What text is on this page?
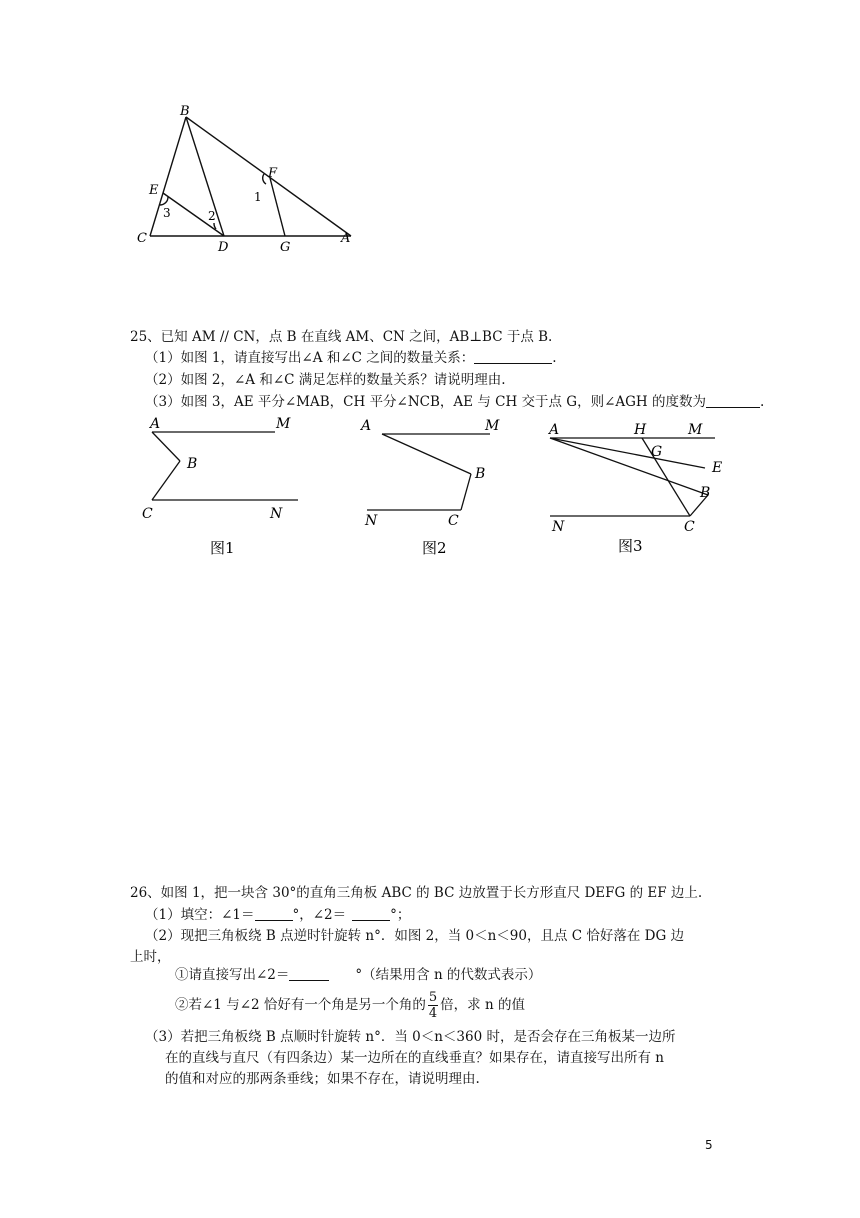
B
E
F
C
D	G
A
1
2
3
25、已知 AM // CN，点 B 在直线 AM、CN 之间，AB⊥BC 于点 B.
（1）如图 1，请直接写出∠A 和∠C 之间的数量关系：	.
（2）如图 2，∠A 和∠C 满足怎样的数量关系？请说明理由.
（3）如图 3，AE 平分∠MAB，CH 平分∠NCB，AE 与 CH 交于点 G，则∠AGH 的度数为	.
A	M
B
C	N
图1
A	M
B
N	C
图2
A	H	M
G
E
B
N	C
图3
26、如图 1，把一块含 30°的直角三角板 ABC 的 BC 边放置于长方形直尺 DEFG 的 EF 边上.
（1）填空：∠1＝	°，∠2＝	°；
（2）现把三角板绕 B 点逆时针旋转 n°．如图 2，当 0＜n＜90，且点 C 恰好落在 DG 边
上时，
①请直接写出∠2＝	°（结果用含 n 的代数式表示）
②若∠1 与∠2 恰好有一个角是另一个角的 $\frac{5}{4}$ 倍，求 n 的值
（3）若把三角板绕 B 点顺时针旋转 n°．当 0＜n＜360 时，是否会存在三角板某一边所
在的直线与直尺（有四条边）某一边所在的直线垂直？如果存在，请直接写出所有 n
的值和对应的那两条垂线；如果不存在，请说明理由.
5
